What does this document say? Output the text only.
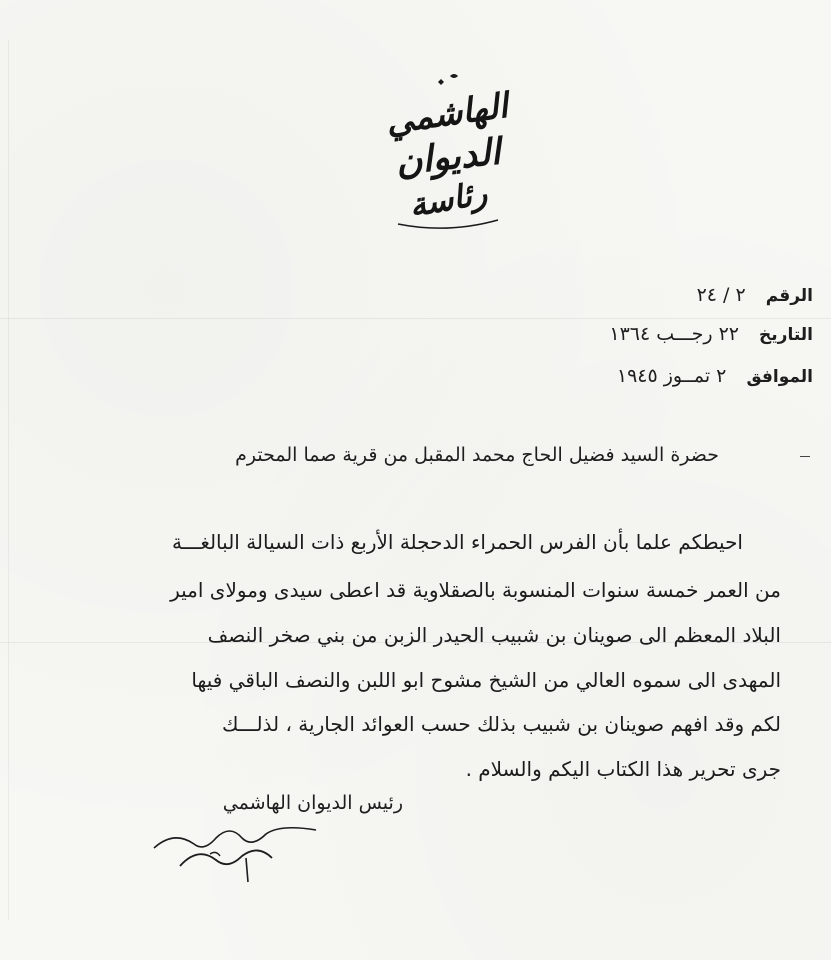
الهاشمي
الديوان
رئاسة
الرقم ٢ / ٢٤
التاريخ ٢٢ رجـــب ١٣٦٤
الموافق ٢ تمــوز ١٩٤٥
حضرة السيد فضيل الحاج محمد المقبل من قرية صما المحترم
احيطكم علما بأن الفرس الحمراء الدحجلة الأربع ذات السيالة البالغـــة
من العمر خمسة سنوات المنسوبة بالصقلاوية قد اعطى سيدى ومولاى امير
البلاد المعظم الى صوينان بن شبيب الحيدر الزبن من بني صخر النصف
المهدى الى سموه العالي من الشيخ مشوح ابو اللبن والنصف الباقي فيها
لكم وقد افهم صوينان بن شبيب بذلك حسب العوائد الجارية ، لذلـــك
جرى تحرير هذا الكتاب اليكم والسلام .
رئيس الديوان الهاشمي
